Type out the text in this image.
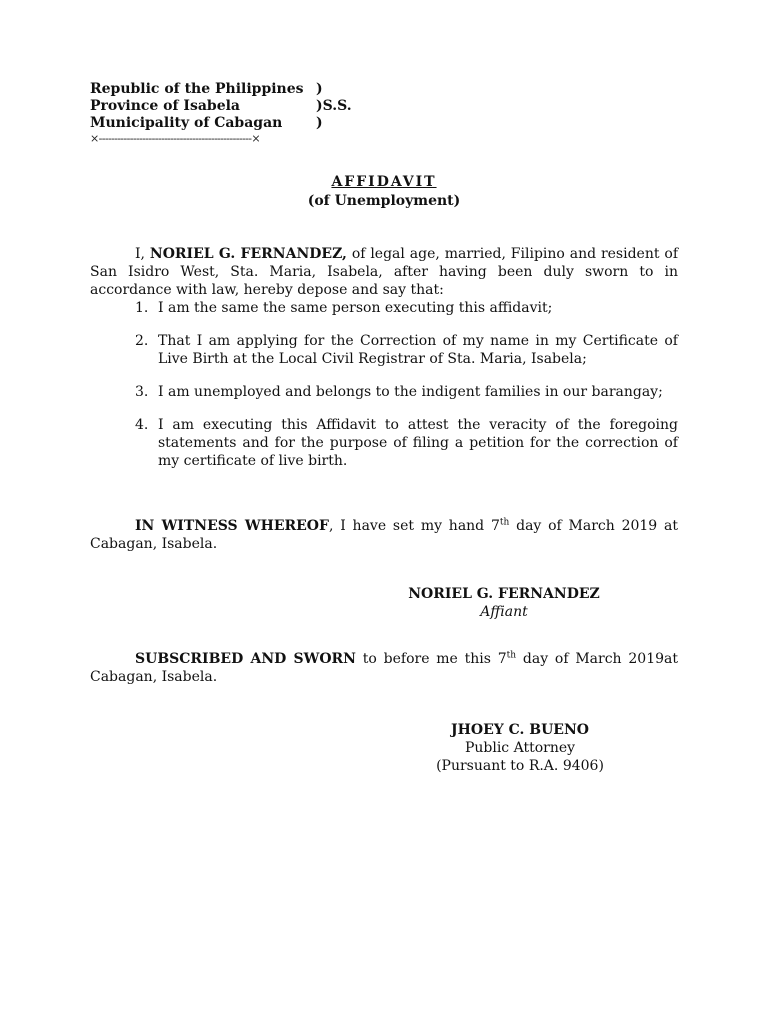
Republic of the Philippines )
Province of Isabela	)S.S.
Municipality of Cabagan )
×-------------------------------------------------×
AFFIDAVIT
(of Unemployment)

I, NORIEL G. FERNANDEZ, of legal age, married, Filipino and resident of San Isidro West, Sta. Maria, Isabela, after having been duly sworn to in accordance with law, hereby depose and say that:

1. I am the same the same person executing this affidavit;
2. That I am applying for the Correction of my name in my Certificate of Live Birth at the Local Civil Registrar of Sta. Maria, Isabela;
3. I am unemployed and belongs to the indigent families in our barangay;
4. I am executing this Affidavit to attest the veracity of the foregoing statements and for the purpose of filing a petition for the correction of my certificate of live birth.

IN WITNESS WHEREOF, I have set my hand 7th day of March 2019 at Cabagan, Isabela.

NORIEL G. FERNANDEZ
Affiant

SUBSCRIBED AND SWORN to before me this 7th day of March 2019at Cabagan, Isabela.

JHOEY C. BUENO
Public Attorney
(Pursuant to R.A. 9406)
